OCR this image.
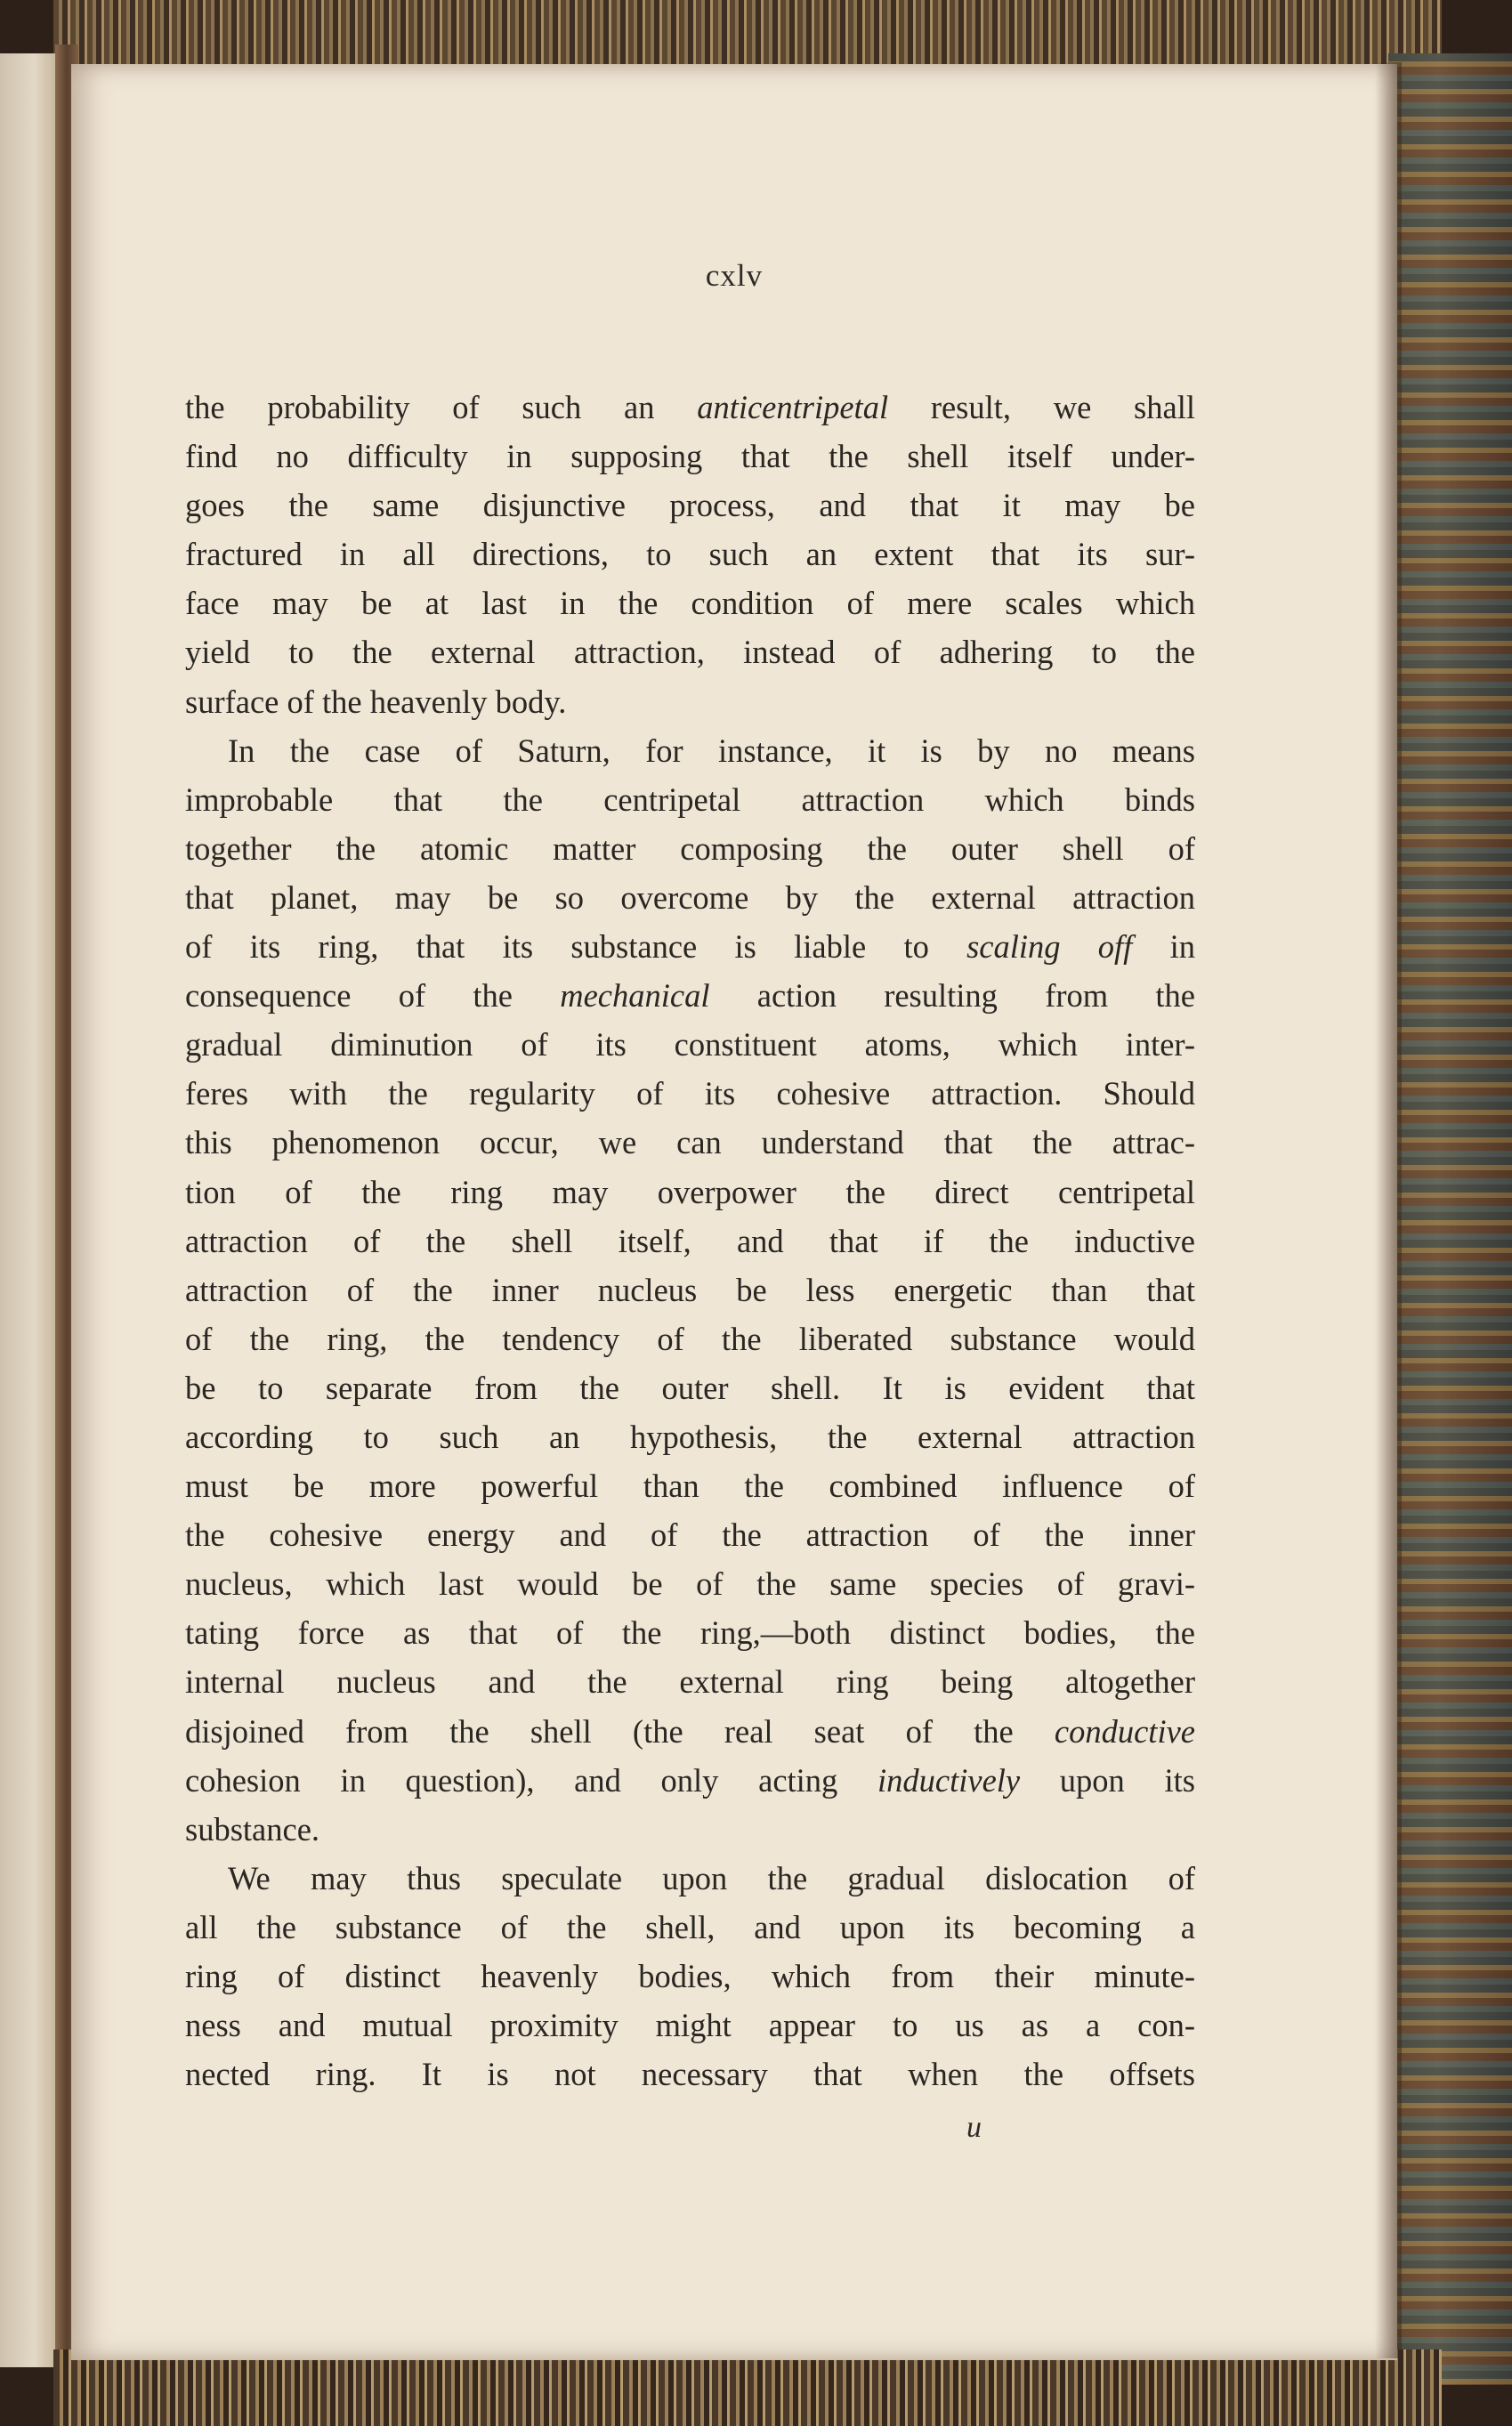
cxlv
the probability of such an anticentripetal result, we shall
find no difficulty in supposing that the shell itself under-
goes the same disjunctive process, and that it may be
fractured in all directions, to such an extent that its sur-
face may be at last in the condition of mere scales which
yield to the external attraction, instead of adhering to the
surface of the heavenly body.
In the case of Saturn, for instance, it is by no means
improbable that the centripetal attraction which binds
together the atomic matter composing the outer shell of
that planet, may be so overcome by the external attraction
of its ring, that its substance is liable to scaling off in
consequence of the mechanical action resulting from the
gradual diminution of its constituent atoms, which inter-
feres with the regularity of its cohesive attraction. Should
this phenomenon occur, we can understand that the attrac-
tion of the ring may overpower the direct centripetal
attraction of the shell itself, and that if the inductive
attraction of the inner nucleus be less energetic than that
of the ring, the tendency of the liberated substance would
be to separate from the outer shell. It is evident that
according to such an hypothesis, the external attraction
must be more powerful than the combined influence of
the cohesive energy and of the attraction of the inner
nucleus, which last would be of the same species of gravi-
tating force as that of the ring,—both distinct bodies, the
internal nucleus and the external ring being altogether
disjoined from the shell (the real seat of the conductive
cohesion in question), and only acting inductively upon its
substance.
We may thus speculate upon the gradual dislocation of
all the substance of the shell, and upon its becoming a
ring of distinct heavenly bodies, which from their minute-
ness and mutual proximity might appear to us as a con-
nected ring. It is not necessary that when the offsets
u
